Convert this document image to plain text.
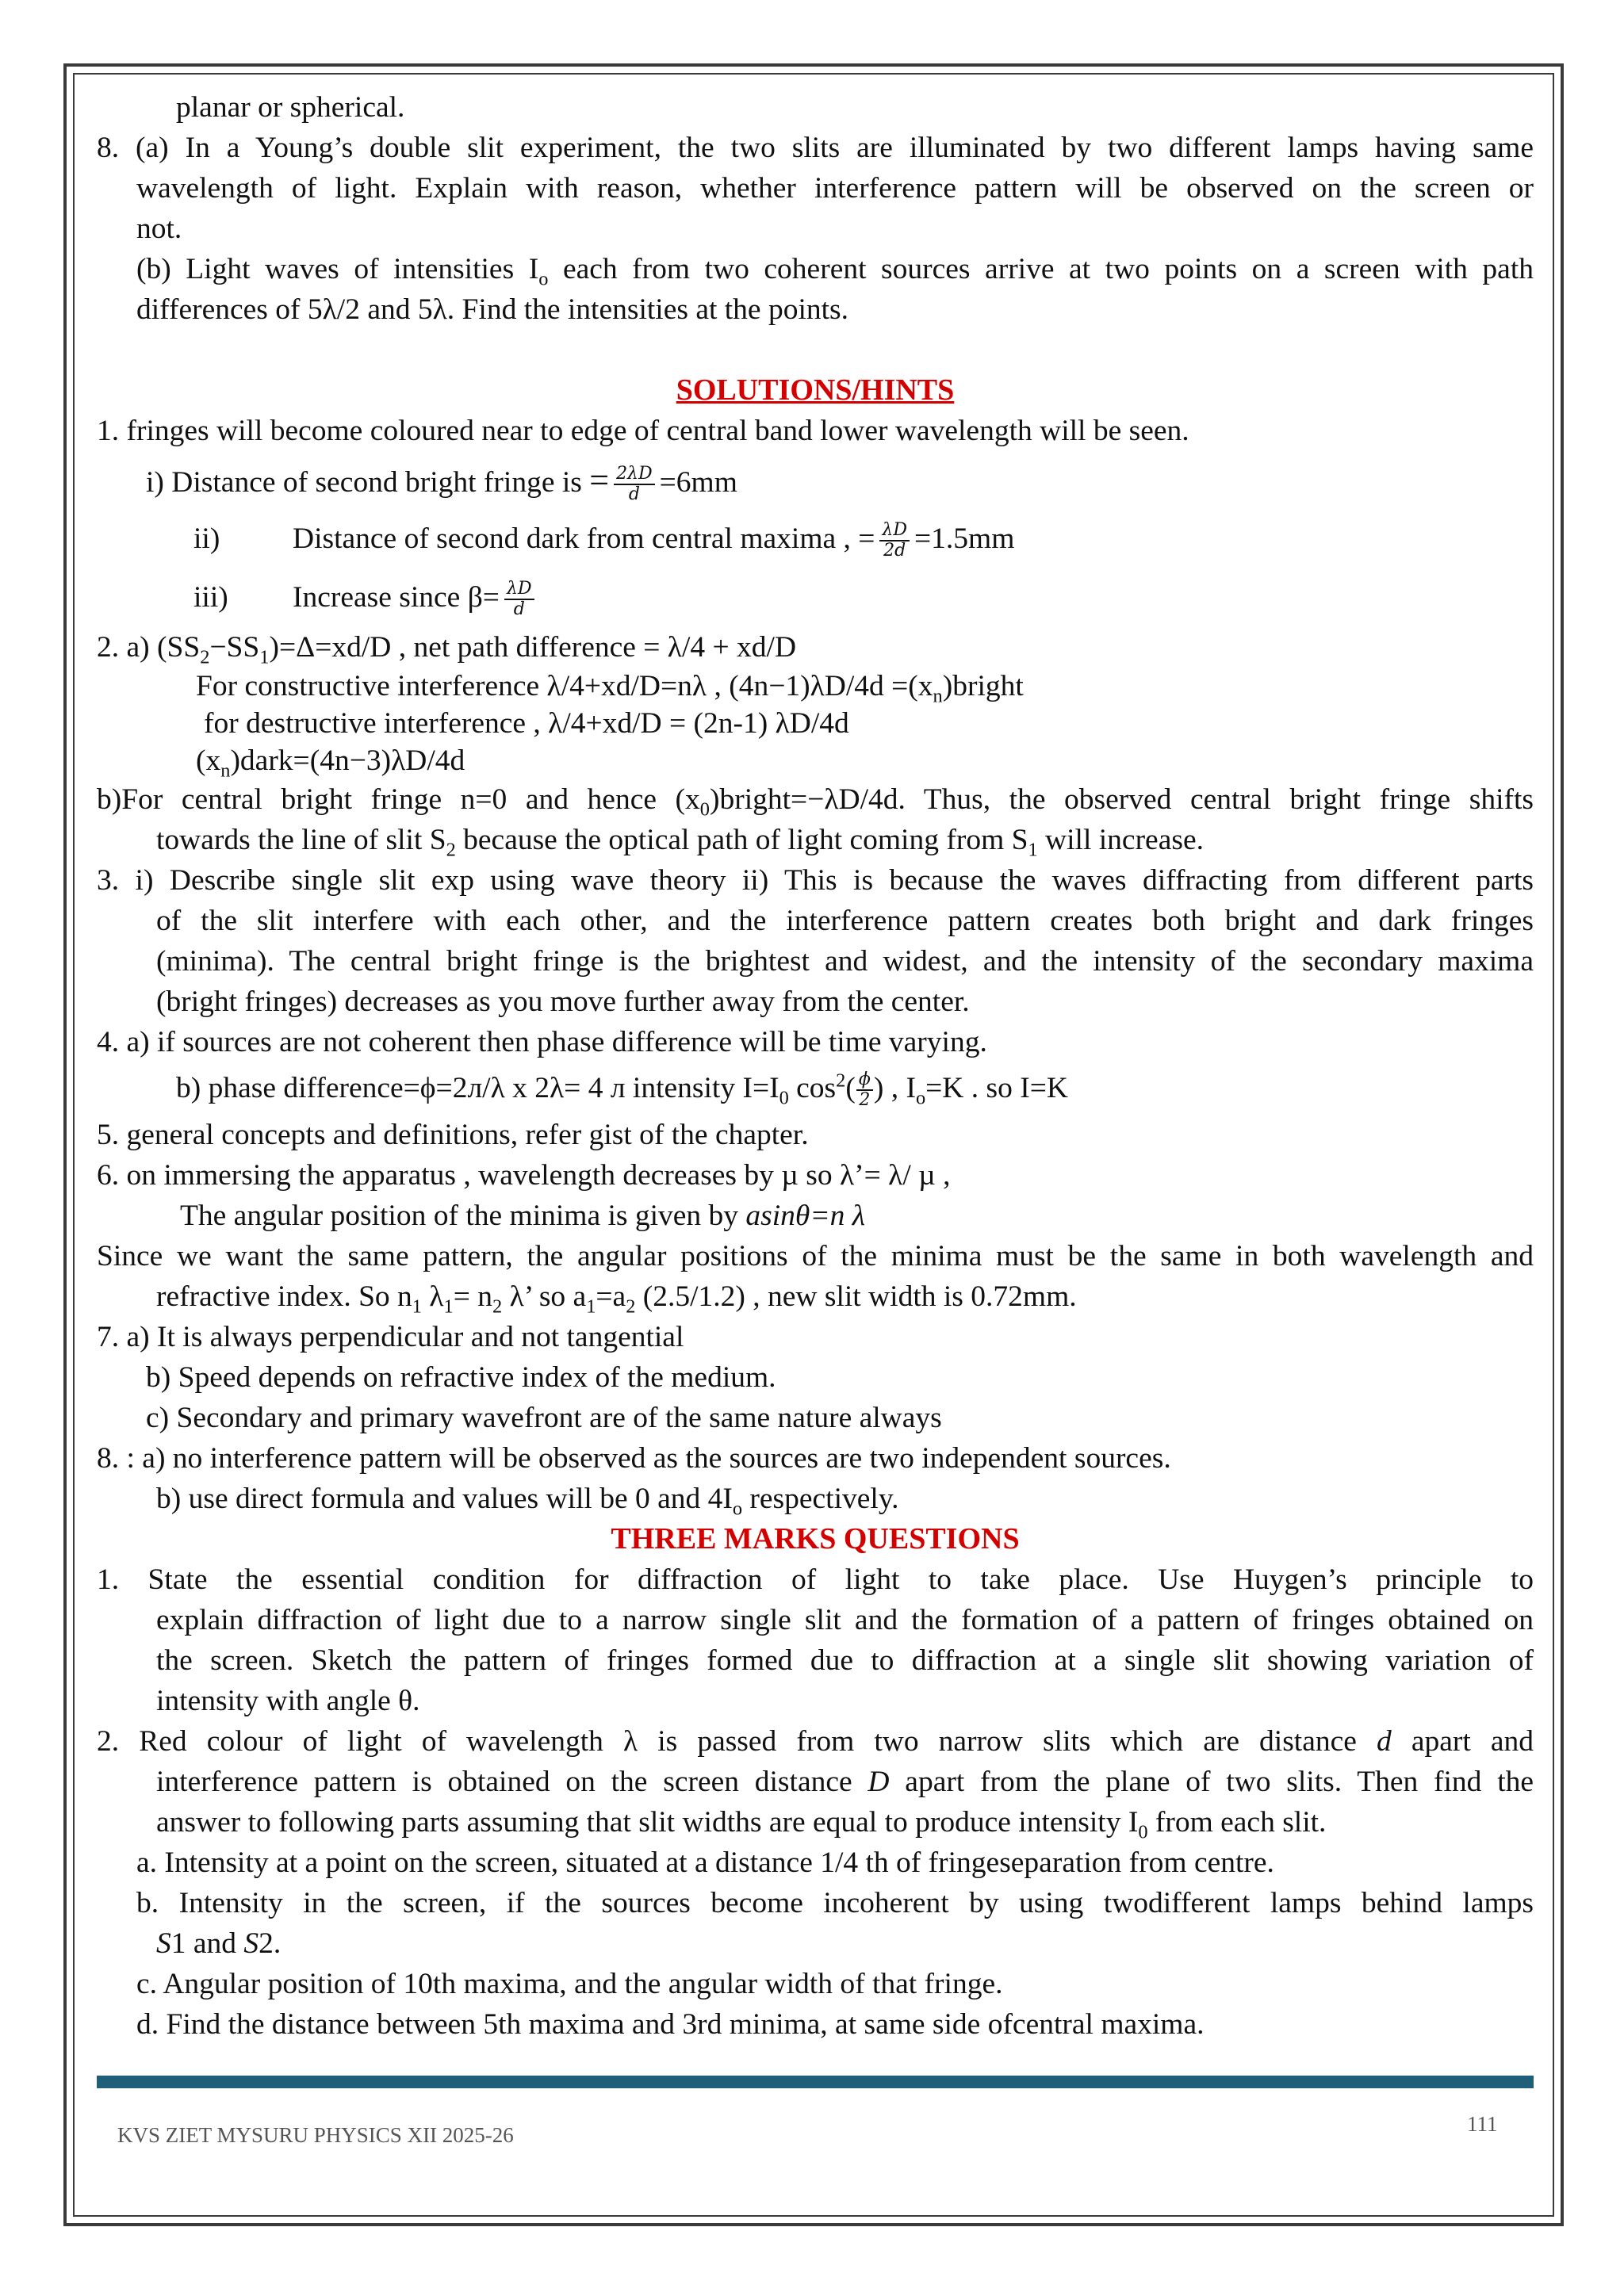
planar or spherical.
8. (a) In a Young’s double slit experiment, the two slits are illuminated by two different lamps having same
wavelength of light. Explain with reason, whether interference pattern will be observed on the screen or
not.
(b) Light waves of intensities $I_o$ each from two coherent sources arrive at two points on a screen with path
differences of 5λ/2 and 5λ. Find the intensities at the points.
SOLUTIONS/HINTS
1. fringes will become coloured near to edge of central band lower wavelength will be seen.
i) Distance of second bright fringe is = $\frac{2\lambda D}{d} =6mm$
ii) Distance of second dark from central maxima , = $\frac{\lambda D}{2d} =1.5mm$
iii) Increase since $\beta= \frac{\lambda D}{d}$
2. a) $(SS_2-SS_1)=\Delta=xd/D$ , net path difference = λ/4 + xd/D
For constructive interference λ/4+xd/D=nλ , $(4n-1)\lambda D/4d =(x_n)bright$
for destructive interference , λ/4+xd/D = (2n-1) λD/4d
$(x_n)dark=(4n-3)\lambda D/4d$
b)For central bright fringe n=0 and hence $(x_0)bright=-\lambda D/4d$. Thus, the observed central bright fringe shifts
towards the line of slit $S_2$ because the optical path of light coming from $S_1$ will increase.
3. i) Describe single slit exp using wave theory ii) This is because the waves diffracting from different parts
of the slit interfere with each other, and the interference pattern creates both bright and dark fringes
(minima). The central bright fringe is the brightest and widest, and the intensity of the secondary maxima
(bright fringes) decreases as you move further away from the center.
4. a) if sources are not coherent then phase difference will be time varying.
b) phase difference=ϕ=2л/λ x 2λ= 4 л intensity $I=I_0$ $\cos^2( \frac{\phi}{2}$ ) , $I_o=K$ . so I=K
5. general concepts and definitions, refer gist of the chapter.
6. on immersing the apparatus , wavelength decreases by µ so λ’= λ/ µ ,
The angular position of the minima is given by asinθ=n λ
Since we want the same pattern, the angular positions of the minima must be the same in both wavelength and
refractive index. So $n_1$ $\lambda_1= n_2$ λ’ so $a_1=a_2$ (2.5/1.2) , new slit width is 0.72mm.
7. a) It is always perpendicular and not tangential
b) Speed depends on refractive index of the medium.
c) Secondary and primary wavefront are of the same nature always
8. : a) no interference pattern will be observed as the sources are two independent sources.
b) use direct formula and values will be 0 and $4I_o$ respectively.
THREE MARKS QUESTIONS
1. State the essential condition for diffraction of light to take place. Use Huygen’s principle to
explain diffraction of light due to a narrow single slit and the formation of a pattern of fringes obtained on
the screen. Sketch the pattern of fringes formed due to diffraction at a single slit showing variation of
intensity with angle θ.
2. Red colour of light of wavelength λ is passed from two narrow slits which are distance d apart and
interference pattern is obtained on the screen distance D apart from the plane of two slits. Then find the
answer to following parts assuming that slit widths are equal to produce intensity $I_0$ from each slit.
a. Intensity at a point on the screen, situated at a distance 1/4 th of fringeseparation from centre.
b. Intensity in the screen, if the sources become incoherent by using twodifferent lamps behind lamps
S1 and S2.
c. Angular position of 10th maxima, and the angular width of that fringe.
d. Find the distance between 5th maxima and 3rd minima, at same side ofcentral maxima.
KVS ZIET MYSURU PHYSICS XII 2025-26	111
